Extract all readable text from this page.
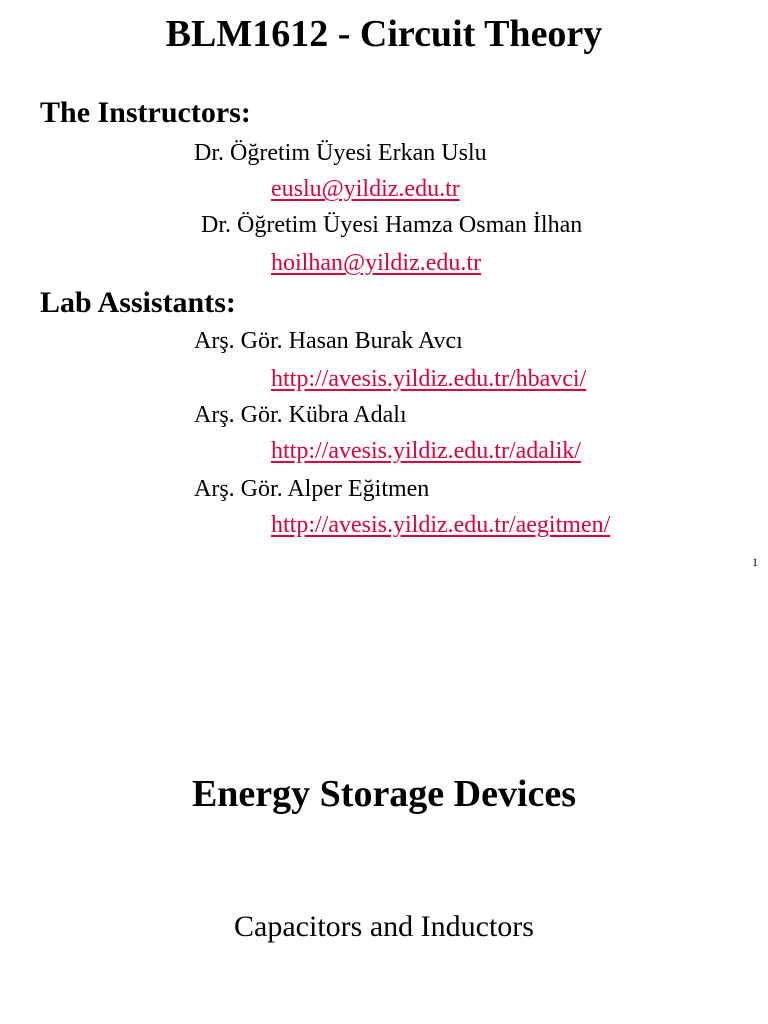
BLM1612 - Circuit Theory
The Instructors:
Dr. Öğretim Üyesi Erkan Uslu
euslu@yildiz.edu.tr
Dr. Öğretim Üyesi Hamza Osman İlhan
hoilhan@yildiz.edu.tr
Lab Assistants:
Arş. Gör. Hasan Burak Avcı
http://avesis.yildiz.edu.tr/hbavci/
Arş. Gör. Kübra Adalı
http://avesis.yildiz.edu.tr/adalik/
Arş. Gör. Alper Eğitmen
http://avesis.yildiz.edu.tr/aegitmen/
1
Energy Storage Devices
Capacitors and Inductors
